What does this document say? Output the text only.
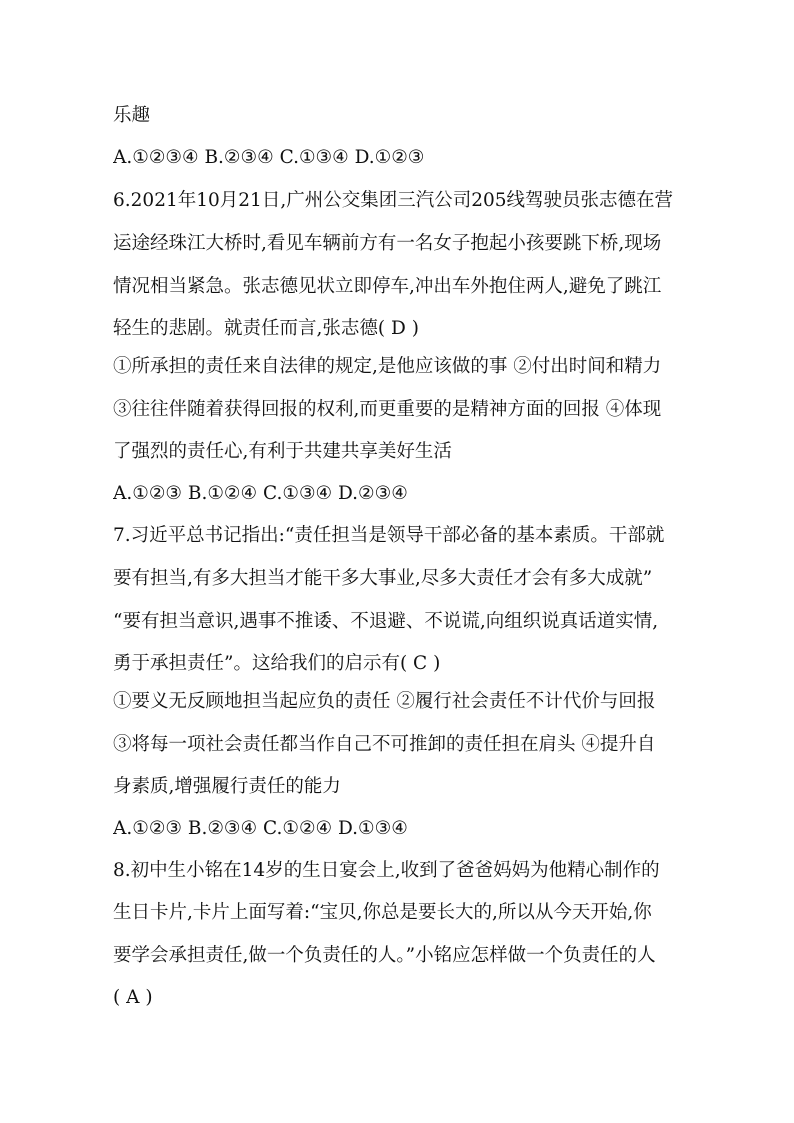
乐趣
A.①②③④ B.②③④ C.①③④ D.①②③
6.2021年10月21日,广州公交集团三汽公司205线驾驶员张志德在营
运途经珠江大桥时,看见车辆前方有一名女子抱起小孩要跳下桥,现场
情况相当紧急。张志德见状立即停车,冲出车外抱住两人,避免了跳江
轻生的悲剧。就责任而言,张志德( D )
①所承担的责任来自法律的规定,是他应该做的事 ②付出时间和精力
③往往伴随着获得回报的权利,而更重要的是精神方面的回报 ④体现
了强烈的责任心,有利于共建共享美好生活
A.①②③ B.①②④ C.①③④ D.②③④
7.习近平总书记指出:“责任担当是领导干部必备的基本素质。干部就
要有担当,有多大担当才能干多大事业,尽多大责任才会有多大成就”
“要有担当意识,遇事不推诿、不退避、不说谎,向组织说真话道实情,
勇于承担责任”。这给我们的启示有( C )
①要义无反顾地担当起应负的责任 ②履行社会责任不计代价与回报
③将每一项社会责任都当作自己不可推卸的责任担在肩头 ④提升自
身素质,增强履行责任的能力
A.①②③ B.②③④ C.①②④ D.①③④
8.初中生小铭在14岁的生日宴会上,收到了爸爸妈妈为他精心制作的
生日卡片,卡片上面写着:“宝贝,你总是要长大的,所以从今天开始,你
要学会承担责任,做一个负责任的人。”小铭应怎样做一个负责任的人
( A )
